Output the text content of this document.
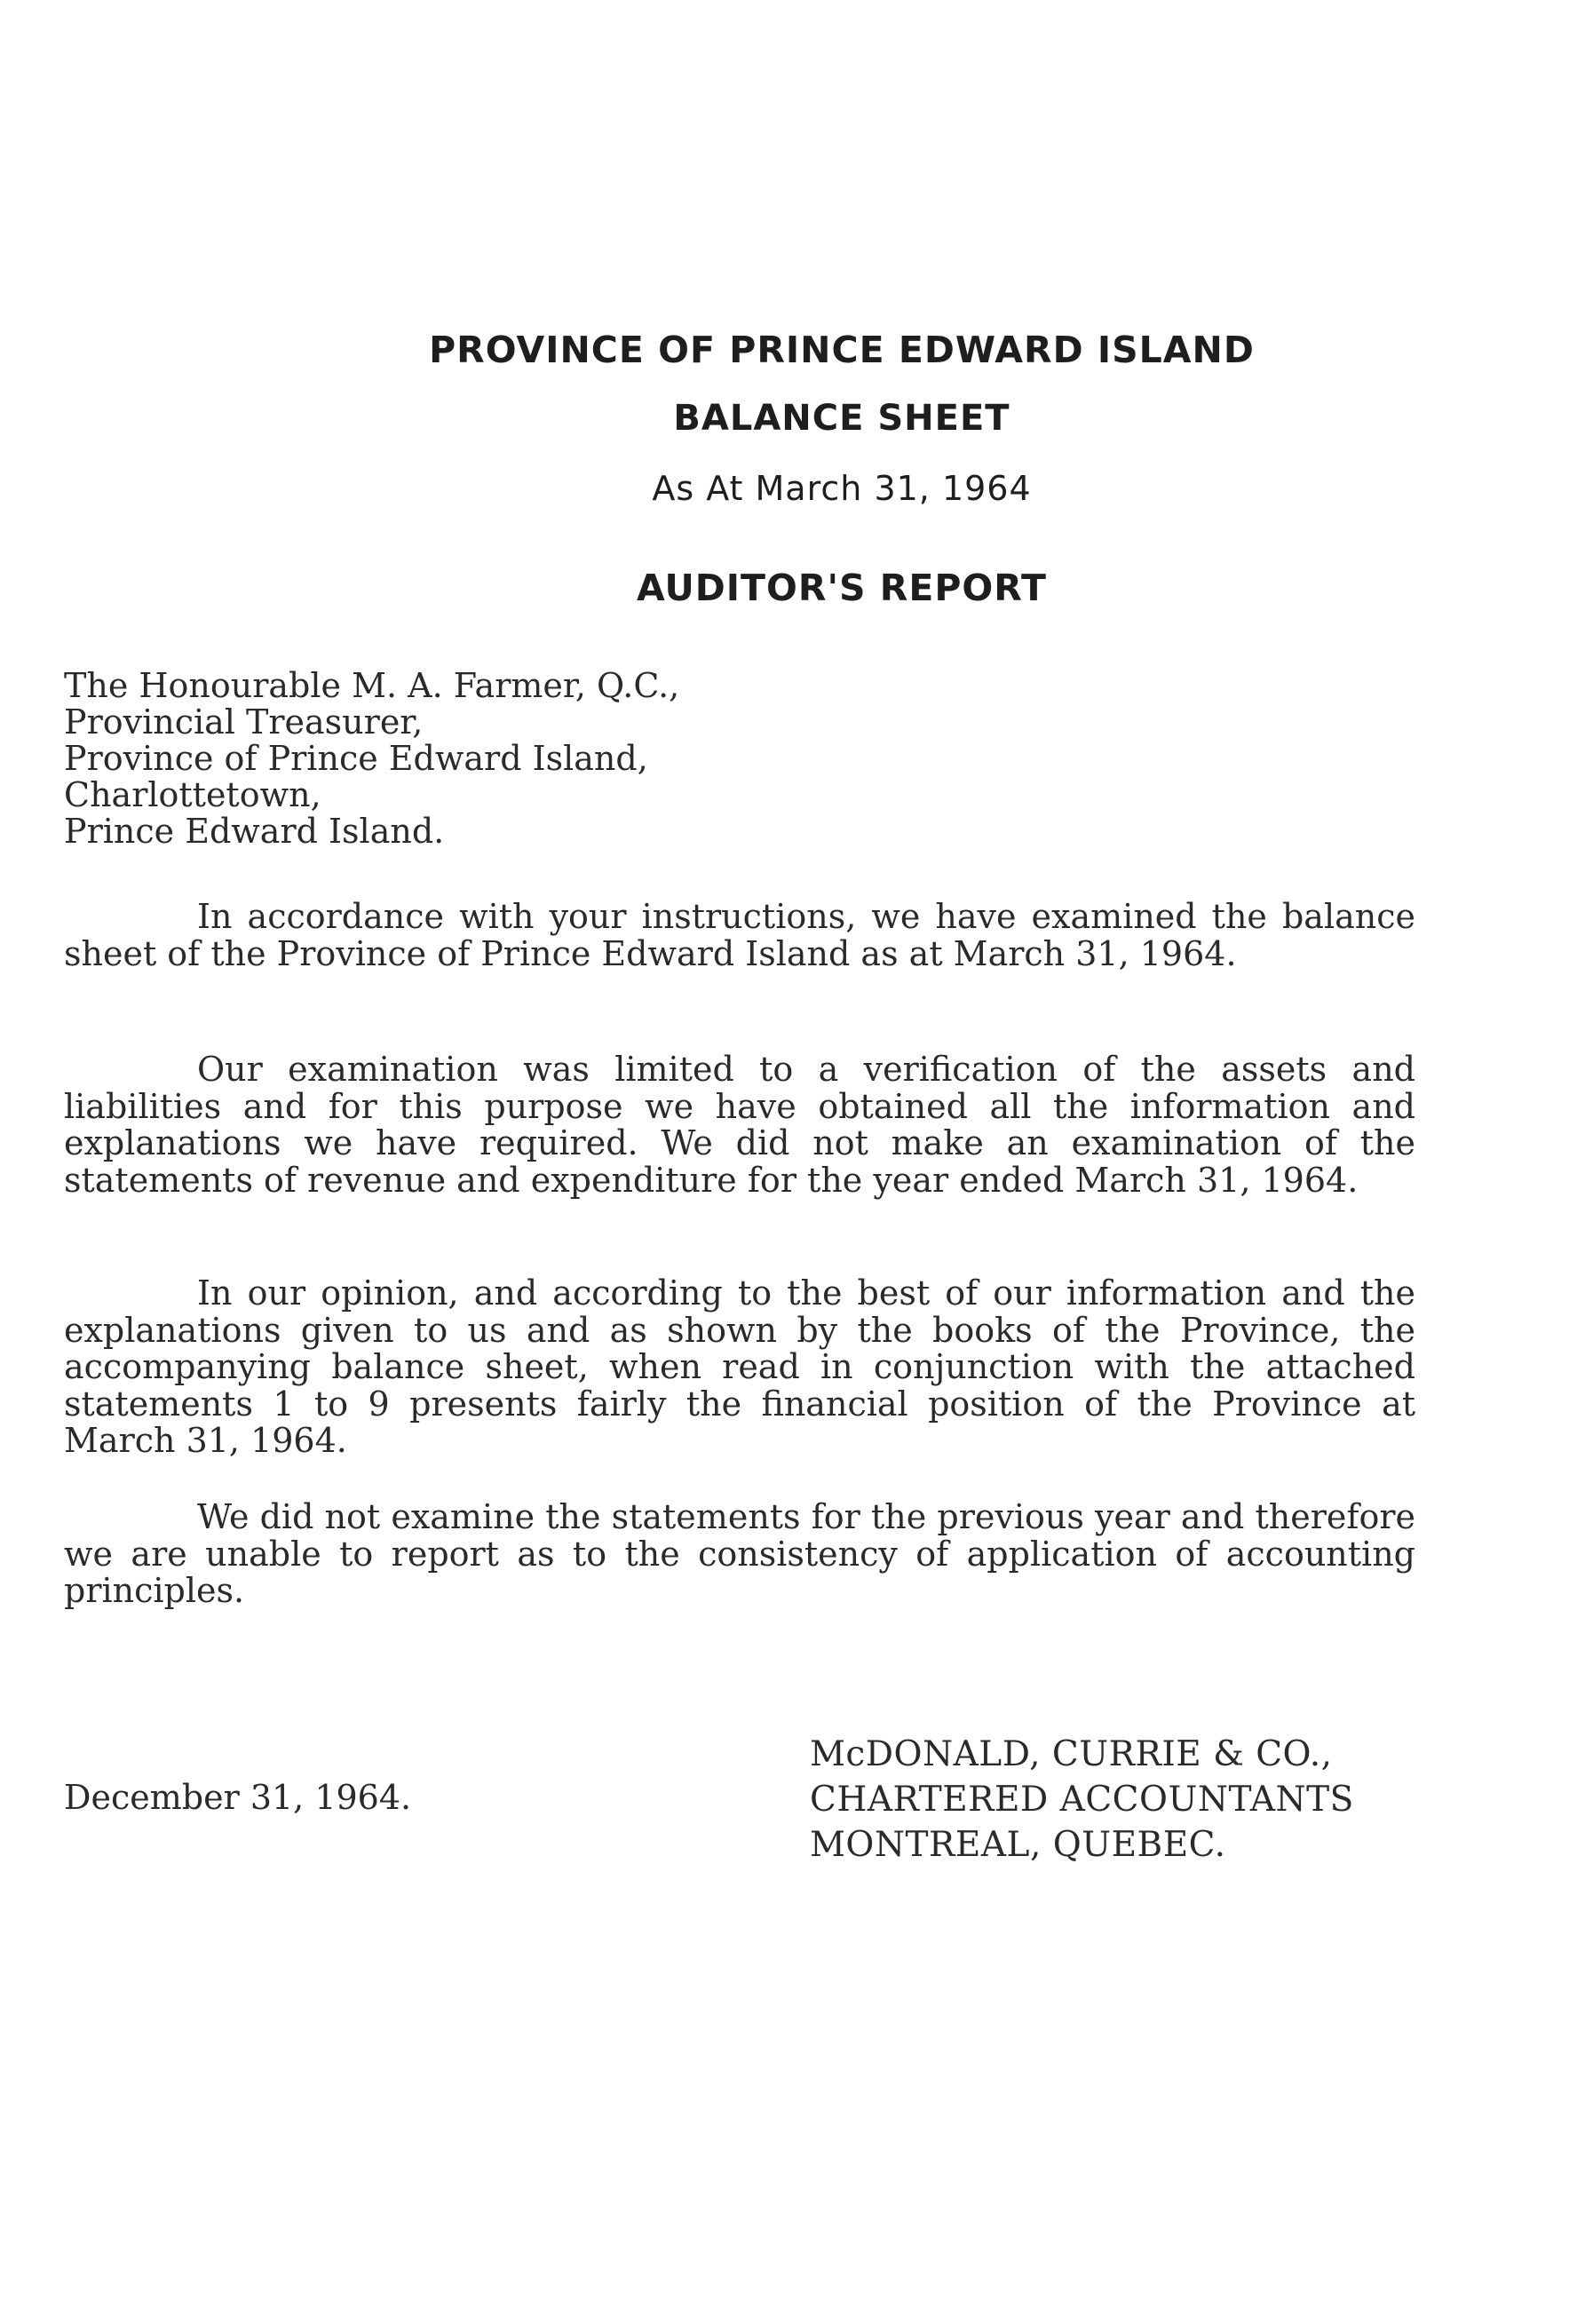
PROVINCE OF PRINCE EDWARD ISLAND
BALANCE SHEET
As At March 31, 1964
AUDITOR'S REPORT
The Honourable M. A. Farmer, Q.C.,
Provincial Treasurer,
Province of Prince Edward Island,
Charlottetown,
Prince Edward Island.

In accordance with your instructions, we have examined the balance sheet of the Province of Prince Edward Island as at March 31, 1964.

Our examination was limited to a verification of the assets and liabilities and for this purpose we have obtained all the information and explanations we have required. We did not make an examination of the statements of revenue and expenditure for the year ended March 31, 1964.

In our opinion, and according to the best of our information and the explanations given to us and as shown by the books of the Province, the accompanying balance sheet, when read in conjunction with the attached statements 1 to 9 presents fairly the financial position of the Province at March 31, 1964.

We did not examine the statements for the previous year and therefore we are unable to report as to the consistency of application of accounting principles.

December 31, 1964.
McDONALD, CURRIE & CO.,
CHARTERED ACCOUNTANTS
MONTREAL, QUEBEC.
